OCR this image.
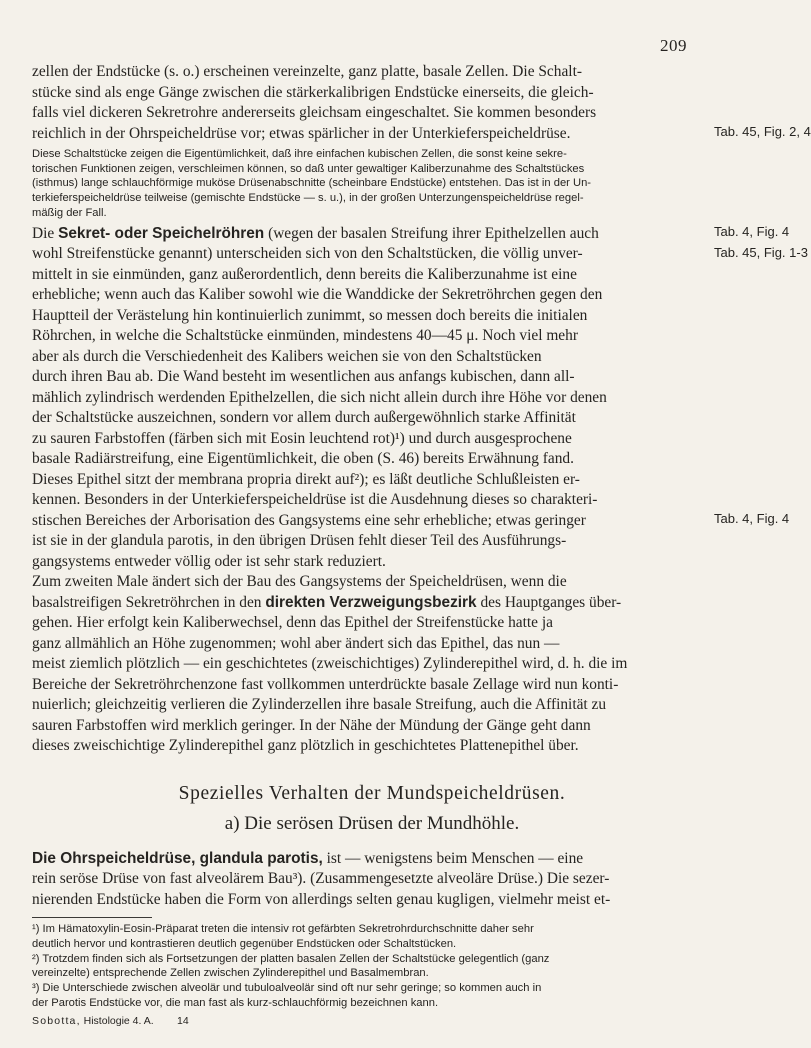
209

zellen der Endstücke (s. o.) erscheinen vereinzelte, ganz platte, basale Zellen. Die Schalt-
stücke sind als enge Gänge zwischen die stärkerkalibrigen Endstücke einerseits, die gleich-
falls viel dickeren Sekretrohre andererseits gleichsam eingeschaltet. Sie kommen besonders
reichlich in der Ohrspeicheldrüse vor; etwas spärlicher in der Unterkieferspeicheldrüse.

Diese Schaltstücke zeigen die Eigentümlichkeit, daß ihre einfachen kubischen Zellen, die sonst keine sekre-
torischen Funktionen zeigen, verschleimen können, so daß unter gewaltiger Kaliberzunahme des Schaltstückes
(isthmus) lange schlauchförmige muköse Drüsenabschnitte (scheinbare Endstücke) entstehen. Das ist in der Un-
terkieferspeicheldrüse teilweise (gemischte Endstücke — s. u.), in der großen Unterzungenspeicheldrüse regel-
mäßig der Fall.

Die Sekret- oder Speichelröhren (wegen der basalen Streifung ihrer Epithelzellen auch
wohl Streifenstücke genannt) unterscheiden sich von den Schaltstücken, die völlig unver-
mittelt in sie einmünden, ganz außerordentlich, denn bereits die Kaliberzunahme ist eine
erhebliche; wenn auch das Kaliber sowohl wie die Wanddicke der Sekretröhrchen gegen den
Hauptteil der Verästelung hin kontinuierlich zunimmt, so messen doch bereits die initialen
Röhrchen, in welche die Schaltstücke einmünden, mindestens 40—45 μ. Noch viel mehr
aber als durch die Verschiedenheit des Kalibers weichen sie von den Schaltstücken
durch ihren Bau ab. Die Wand besteht im wesentlichen aus anfangs kubischen, dann all-
mählich zylindrisch werdenden Epithelzellen, die sich nicht allein durch ihre Höhe vor denen
der Schaltstücke auszeichnen, sondern vor allem durch außergewöhnlich starke Affinität
zu sauren Farbstoffen (färben sich mit Eosin leuchtend rot)¹) und durch ausgesprochene
basale Radiärstreifung, eine Eigentümlichkeit, die oben (S. 46) bereits Erwähnung fand.
Dieses Epithel sitzt der membrana propria direkt auf²); es läßt deutliche Schlußleisten er-
kennen. Besonders in der Unterkieferspeicheldrüse ist die Ausdehnung dieses so charakteri-
stischen Bereiches der Arborisation des Gangsystems eine sehr erhebliche; etwas geringer
ist sie in der glandula parotis, in den übrigen Drüsen fehlt dieser Teil des Ausführungs-
gangsystems entweder völlig oder ist sehr stark reduziert.

Zum zweiten Male ändert sich der Bau des Gangsystems der Speicheldrüsen, wenn die
basalstreifigen Sekretröhrchen in den direkten Verzweigungsbezirk des Hauptganges über-
gehen. Hier erfolgt kein Kaliberwechsel, denn das Epithel der Streifenstücke hatte ja
ganz allmählich an Höhe zugenommen; wohl aber ändert sich das Epithel, das nun —
meist ziemlich plötzlich — ein geschichtetes (zweischichtiges) Zylinderepithel wird, d. h. die im
Bereiche der Sekretröhrchenzone fast vollkommen unterdrückte basale Zellage wird nun konti-
nuierlich; gleichzeitig verlieren die Zylinderzellen ihre basale Streifung, auch die Affinität zu
sauren Farbstoffen wird merklich geringer. In der Nähe der Mündung der Gänge geht dann
dieses zweischichtige Zylinderepithel ganz plötzlich in geschichtetes Plattenepithel über.

Spezielles Verhalten der Mundspeicheldrüsen.
a) Die serösen Drüsen der Mundhöhle.

Die Ohrspeicheldrüse, glandula parotis, ist — wenigstens beim Menschen — eine
rein seröse Drüse von fast alveolärem Bau³). (Zusammengesetzte alveoläre Drüse.) Die sezer-
nierenden Endstücke haben die Form von allerdings selten genau kugligen, vielmehr meist et-

¹) Im Hämatoxylin-Eosin-Präparat treten die intensiv rot gefärbten Sekretrohrdurchschnitte daher sehr
deutlich hervor und kontrastieren deutlich gegenüber Endstücken oder Schaltstücken.

²) Trotzdem finden sich als Fortsetzungen der platten basalen Zellen der Schaltstücke gelegentlich (ganz
vereinzelte) entsprechende Zellen zwischen Zylinderepithel und Basalmembran.

³) Die Unterschiede zwischen alveolär und tubuloalveolär sind oft nur sehr geringe; so kommen auch in
der Parotis Endstücke vor, die man fast als kurz-schlauchförmig bezeichnen kann.

Sobotta, Histologie 4. A. 14
Tab. 45, Fig. 2, 4
Tab. 4, Fig. 4
Tab. 45, Fig. 1-3
Tab. 4, Fig. 4
